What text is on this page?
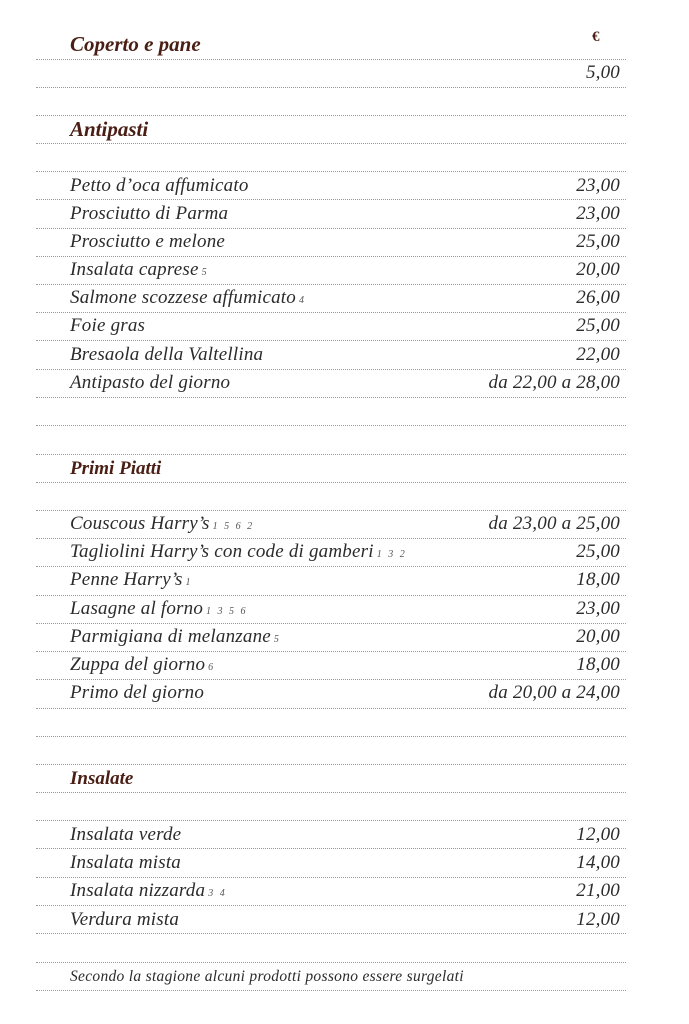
Coperto e pane	€
5,00
Antipasti
Petto d’oca affumicato	23,00
Prosciutto di Parma	23,00
Prosciutto e melone	25,00
Insalata caprese 5	20,00
Salmone scozzese affumicato 4	26,00
Foie gras	25,00
Bresaola della Valtellina	22,00
Antipasto del giorno	da 22,00 a 28,00
Primi Piatti
Couscous Harry’s 1 5 6 2	da 23,00 a 25,00
Tagliolini Harry’s con code di gamberi 1 3 2	25,00
Penne Harry’s 1	18,00
Lasagne al forno 1 3 5 6	23,00
Parmigiana di melanzane 5	20,00
Zuppa del giorno 6	18,00
Primo del giorno	da 20,00 a 24,00
Insalate
Insalata verde	12,00
Insalata mista	14,00
Insalata nizzarda 3 4	21,00
Verdura mista	12,00
Secondo la stagione alcuni prodotti possono essere surgelati
